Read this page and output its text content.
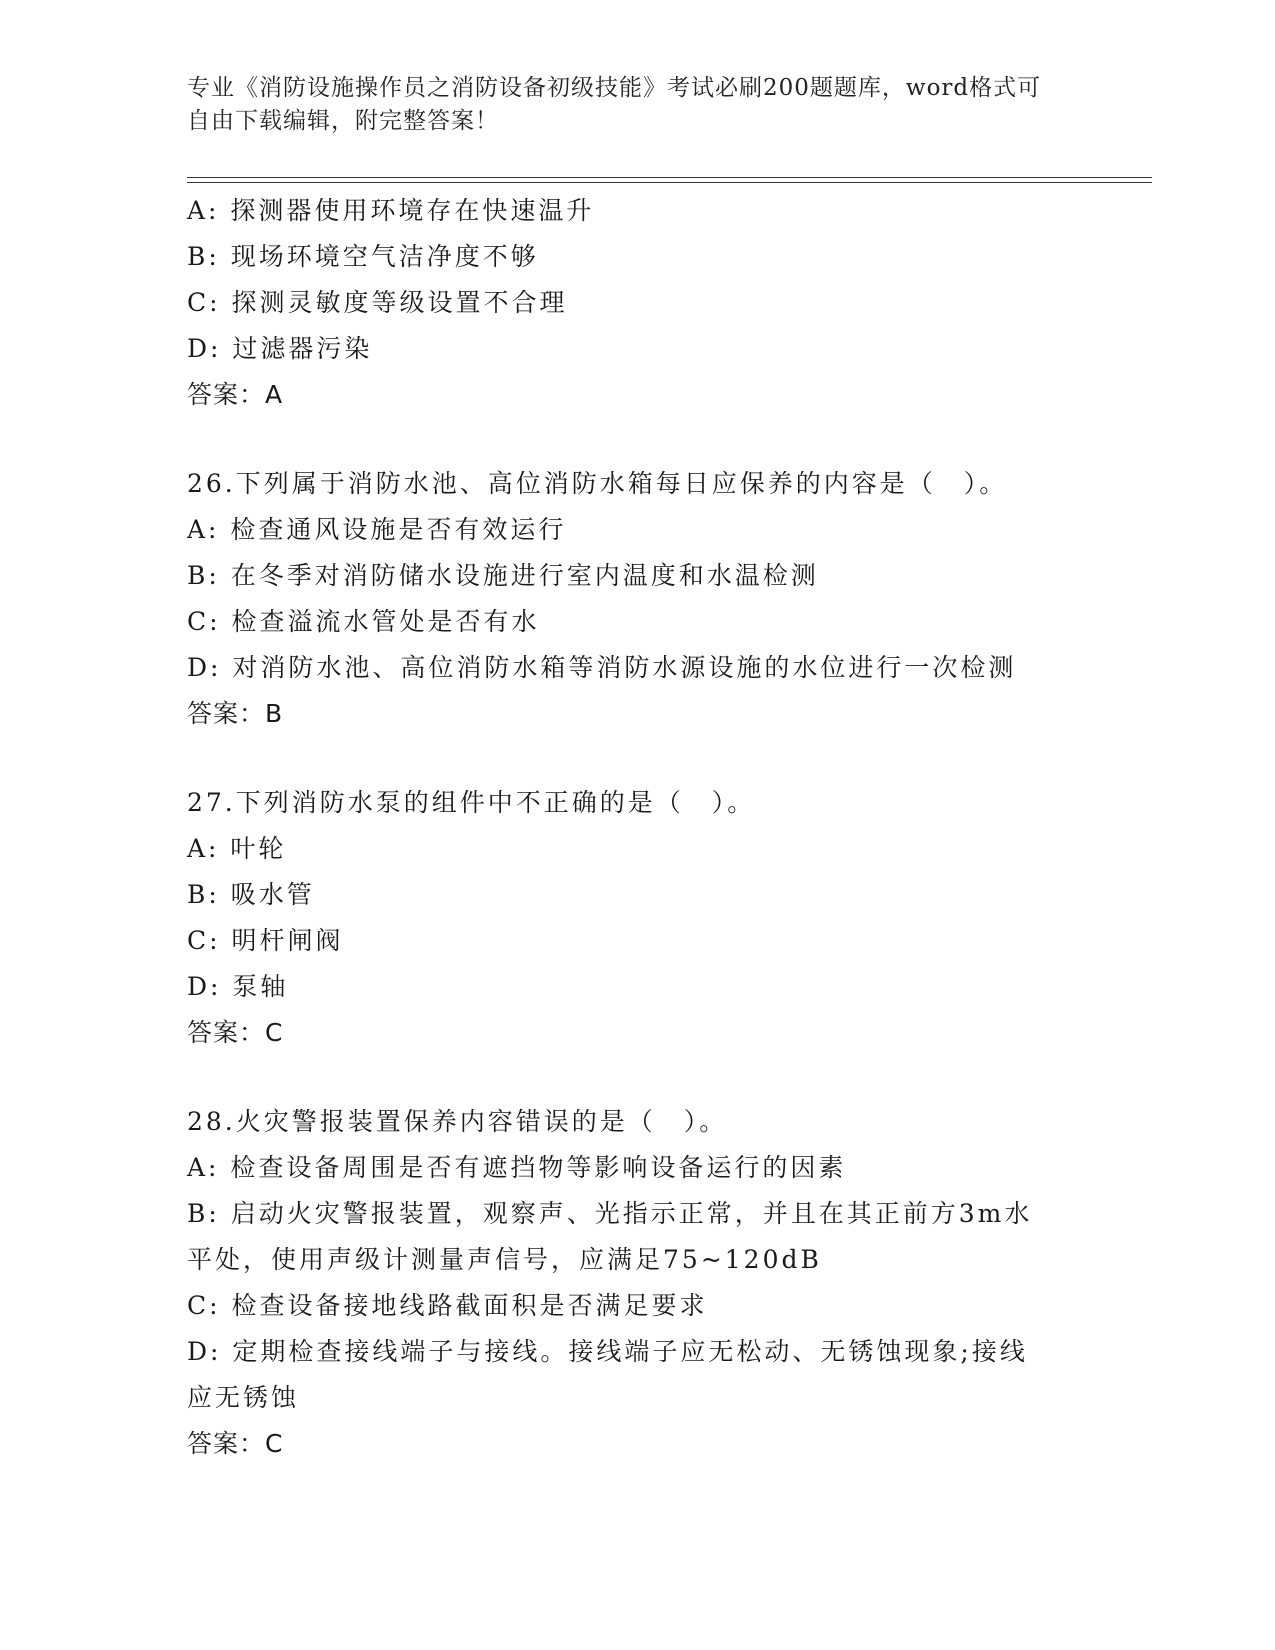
专业《消防设施操作员之消防设备初级技能》考试必刷200题题库，word格式可
自由下载编辑，附完整答案！
A: 探测器使用环境存在快速温升
B: 现场环境空气洁净度不够
C: 探测灵敏度等级设置不合理
D: 过滤器污染
答案：A
26.下列属于消防水池、高位消防水箱每日应保养的内容是（　）。
A: 检查通风设施是否有效运行
B: 在冬季对消防储水设施进行室内温度和水温检测
C: 检查溢流水管处是否有水
D: 对消防水池、高位消防水箱等消防水源设施的水位进行一次检测
答案：B
27.下列消防水泵的组件中不正确的是（　）。
A: 叶轮
B: 吸水管
C: 明杆闸阀
D: 泵轴
答案：C
28.火灾警报装置保养内容错误的是（　）。
A: 检查设备周围是否有遮挡物等影响设备运行的因素
B: 启动火灾警报装置，观察声、光指示正常，并且在其正前方3m水
平处，使用声级计测量声信号，应满足75~120dB
C: 检查设备接地线路截面积是否满足要求
D: 定期检查接线端子与接线。接线端子应无松动、无锈蚀现象;接线
应无锈蚀
答案：C
